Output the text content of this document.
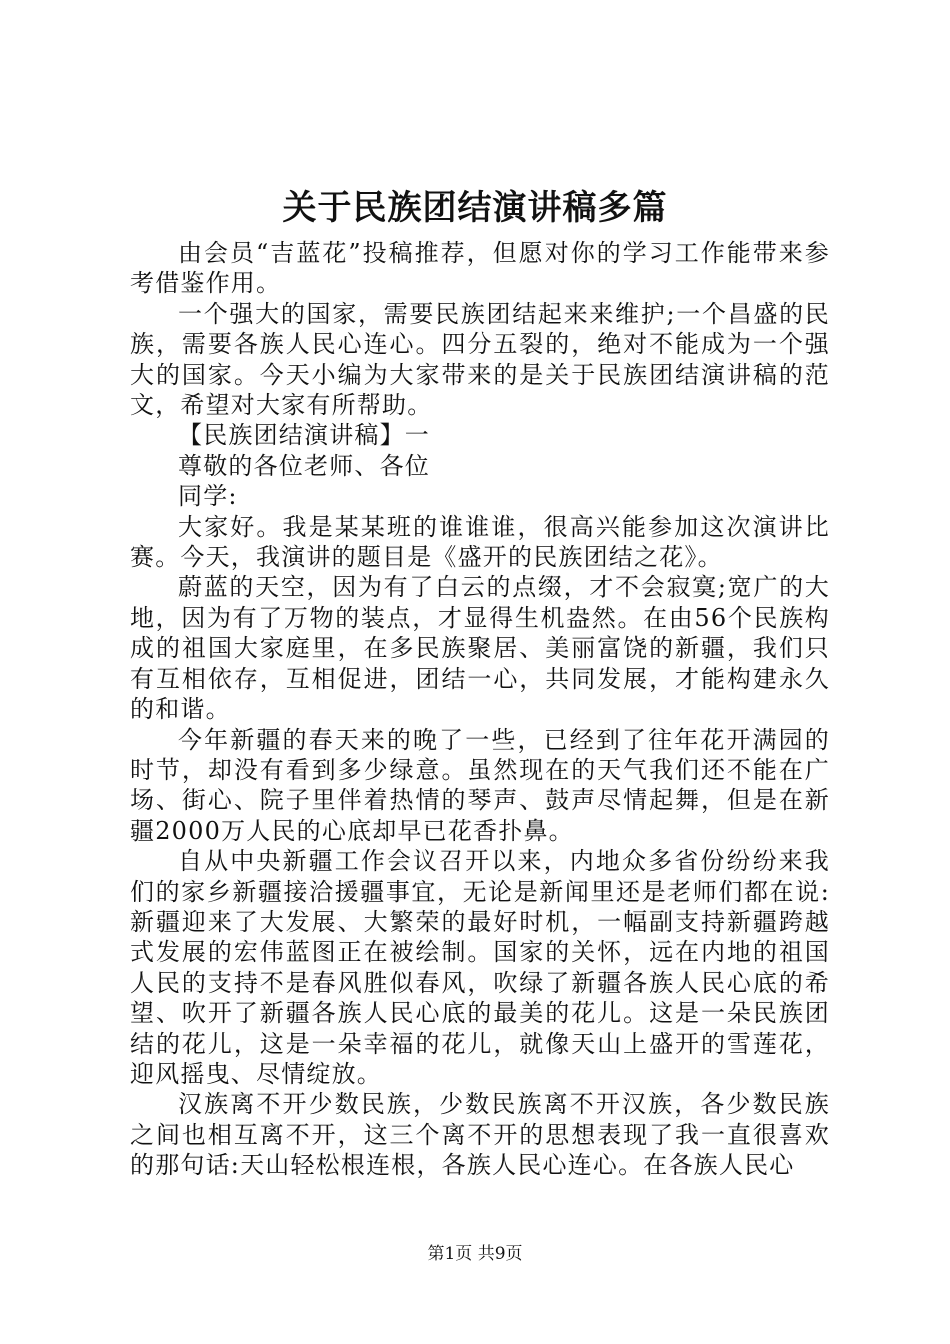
关于民族团结演讲稿多篇

由会员“吉蓝花”投稿推荐，但愿对你的学习工作能带来参考借鉴作用。

一个强大的国家，需要民族团结起来来维护;一个昌盛的民族，需要各族人民心连心。四分五裂的，绝对不能成为一个强大的国家。今天小编为大家带来的是关于民族团结演讲稿的范文，希望对大家有所帮助。

【民族团结演讲稿】一

尊敬的各位老师、各位

同学:

大家好。我是某某班的谁谁谁，很高兴能参加这次演讲比赛。今天，我演讲的题目是《盛开的民族团结之花》。

蔚蓝的天空，因为有了白云的点缀，才不会寂寞;宽广的大地，因为有了万物的装点，才显得生机盎然。在由56个民族构成的祖国大家庭里，在多民族聚居、美丽富饶的新疆，我们只有互相依存，互相促进，团结一心，共同发展，才能构建永久的和谐。

今年新疆的春天来的晚了一些，已经到了往年花开满园的时节，却没有看到多少绿意。虽然现在的天气我们还不能在广场、街心、院子里伴着热情的琴声、鼓声尽情起舞，但是在新疆2000万人民的心底却早已花香扑鼻。

自从中央新疆工作会议召开以来，内地众多省份纷纷来我们的家乡新疆接洽援疆事宜，无论是新闻里还是老师们都在说:新疆迎来了大发展、大繁荣的最好时机，一幅副支持新疆跨越式发展的宏伟蓝图正在被绘制。国家的关怀，远在内地的祖国人民的支持不是春风胜似春风，吹绿了新疆各族人民心底的希望、吹开了新疆各族人民心底的最美的花儿。这是一朵民族团结的花儿，这是一朵幸福的花儿，就像天山上盛开的雪莲花，迎风摇曳、尽情绽放。

汉族离不开少数民族，少数民族离不开汉族，各少数民族之间也相互离不开，这三个离不开的思想表现了我一直很喜欢的那句话:天山轻松根连根，各族人民心连心。在各族人民心

第1页 共9页
